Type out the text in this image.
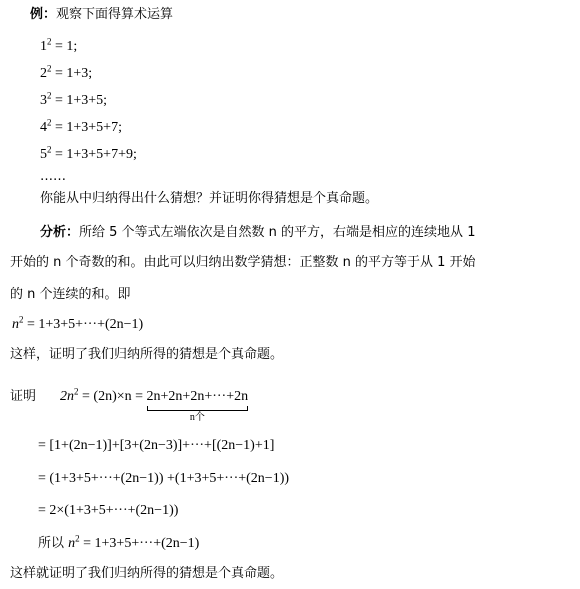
例：观察下面得算术运算
$1^2 = 1$;
$2^2 = 1+3$;
$3^2 = 1+3+5$;
$4^2 = 1+3+5+7$;
$5^2 = 1+3+5+7+9$;
……
你能从中归纳得出什么猜想？并证明你得猜想是个真命题。
分析：所给 5 个等式左端依次是自然数 n 的平方，右端是相应的连续地从 1
开始的 n 个奇数的和。由此可以归纳出数学猜想：正整数 n 的平方等于从 1 开始
的 n 个连续的和。即
$n^2 = 1+3+5+\cdot\cdot\cdot+(2n-1)$
这样，证明了我们归纳所得的猜想是个真命题。
证明 $2n^2 = (2n)\times n = 2n+2n+2n+\cdot\cdot\cdot+2n$
n个
= [1+(2n−1)]+[3+(2n−3)]+···+[(2n−1)+1]
= (1+3+5+···+(2n−1)) +(1+3+5+···+(2n−1))
= 2×(1+3+5+···+(2n−1))
所以 $n^2 = 1+3+5+\cdot\cdot\cdot+(2n-1)$
这样就证明了我们归纳所得的猜想是个真命题。
